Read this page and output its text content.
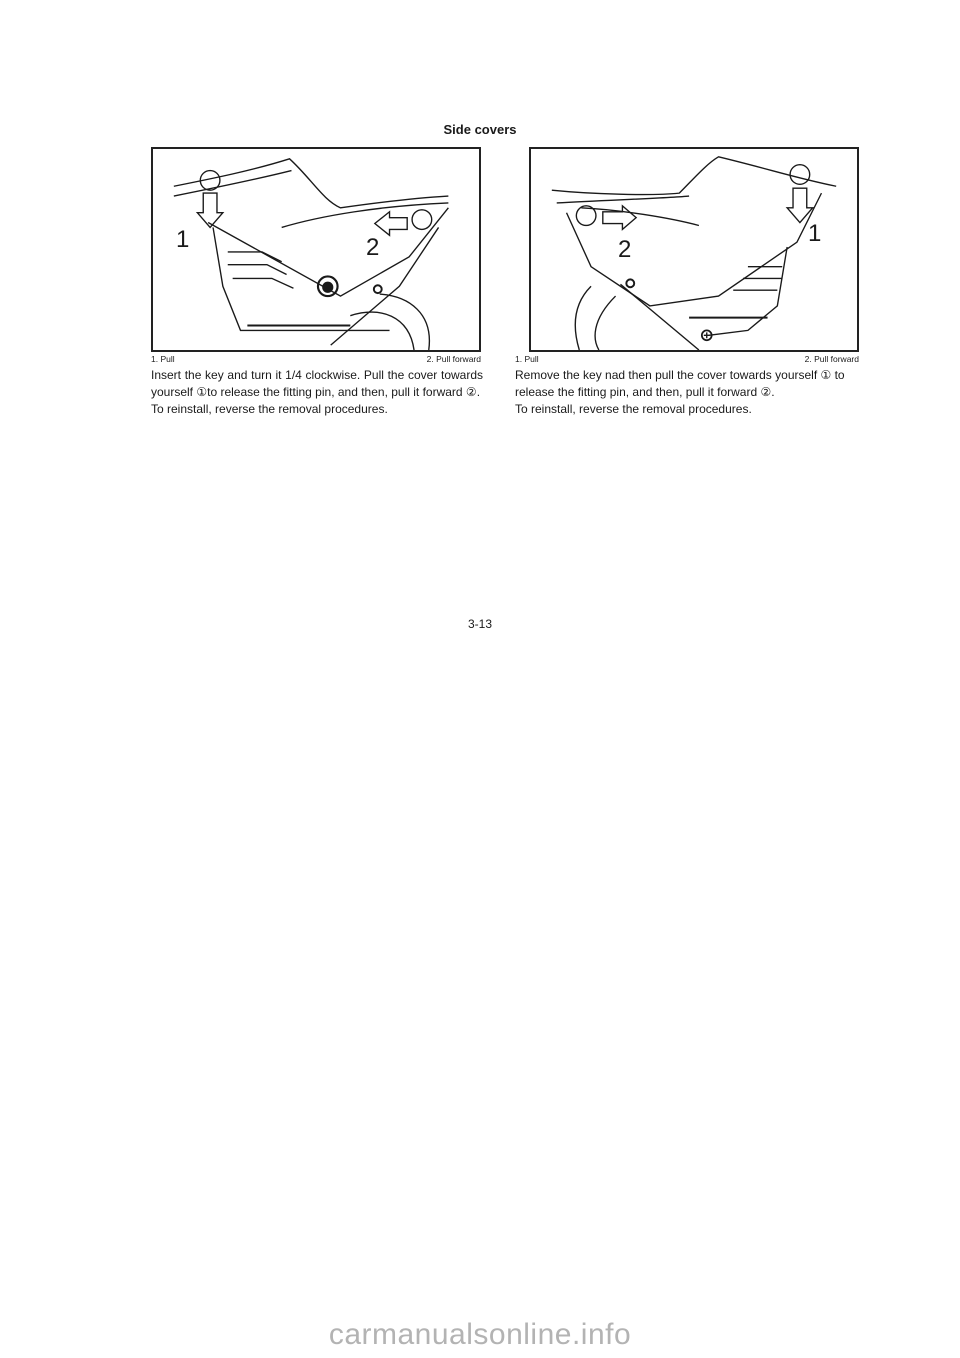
Side covers
1	2
1. Pull	2. Pull forward

Insert the key and turn it 1/4 clockwise. Pull the cover towards yourself ①to release the fitting pin, and then, pull it forward ②.

To reinstall, reverse the removal procedures.

1
2
1. Pull	2. Pull forward

Remove the key nad then pull the cover towards yourself ① to release the fitting pin, and then, pull it forward ②.

To reinstall, reverse the removal procedures.

3-13
carmanualsonline.info
